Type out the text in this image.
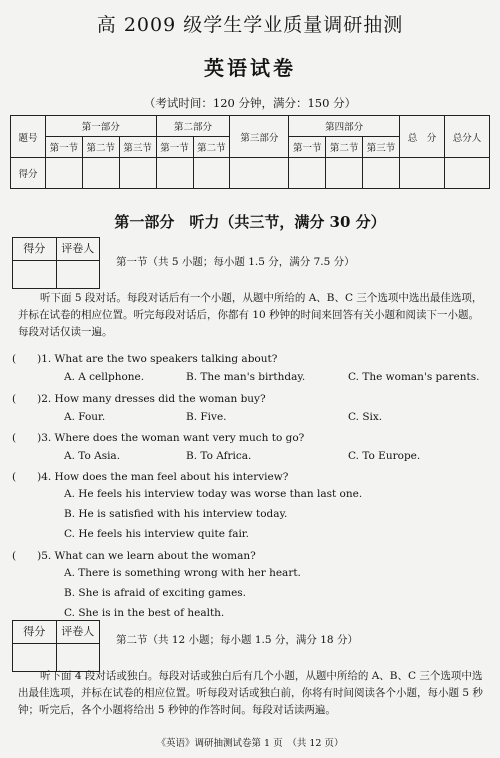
高 2009 级学生学业质量调研抽测
英语试卷
（考试时间：120 分钟，满分：150 分）
题号	第一部分			第二部分		第三部分	第四部分			总　分	总分人
	第一节	第二节	第三节	第一节	第二节		第一节	第二节	第三节		
得分											
第一部分　听力（共三节，满分 30 分）
得分	评卷人
第一节（共 5 小题；每小题 1.5 分，满分 7.5 分）
听下面 5 段对话。每段对话后有一个小题，从题中所给的 A、B、C 三个选项中选出最佳选项，并标在试卷的相应位置。听完每段对话后，你都有 10 秒钟的时间来回答有关小题和阅读下一小题。每段对话仅读一遍。
(　　)1. What are the two speakers talking about?
A. A cellphone.	B. The man's birthday.	C. The woman's parents.
(　　)2. How many dresses did the woman buy?
A. Four.	B. Five.	C. Six.
(　　)3. Where does the woman want very much to go?
A. To Asia.	B. To Africa.	C. To Europe.
(　　)4. How does the man feel about his interview?
A. He feels his interview today was worse than last one.
B. He is satisfied with his interview today.
C. He feels his interview quite fair.
(　　)5. What can we learn about the woman?
A. There is something wrong with her heart.
B. She is afraid of exciting games.
C. She is in the best of health.
得分	评卷人
第二节（共 12 小题；每小题 1.5 分，满分 18 分）
听下面 4 段对话或独白。每段对话或独白后有几个小题，从题中所给的 A、B、C 三个选项中选出最佳选项，并标在试卷的相应位置。听每段对话或独白前，你将有时间阅读各个小题，每小题 5 秒钟；听完后，各个小题将给出 5 秒钟的作答时间。每段对话读两遍。
《英语》调研抽测试卷第 1 页　（共 12 页）
